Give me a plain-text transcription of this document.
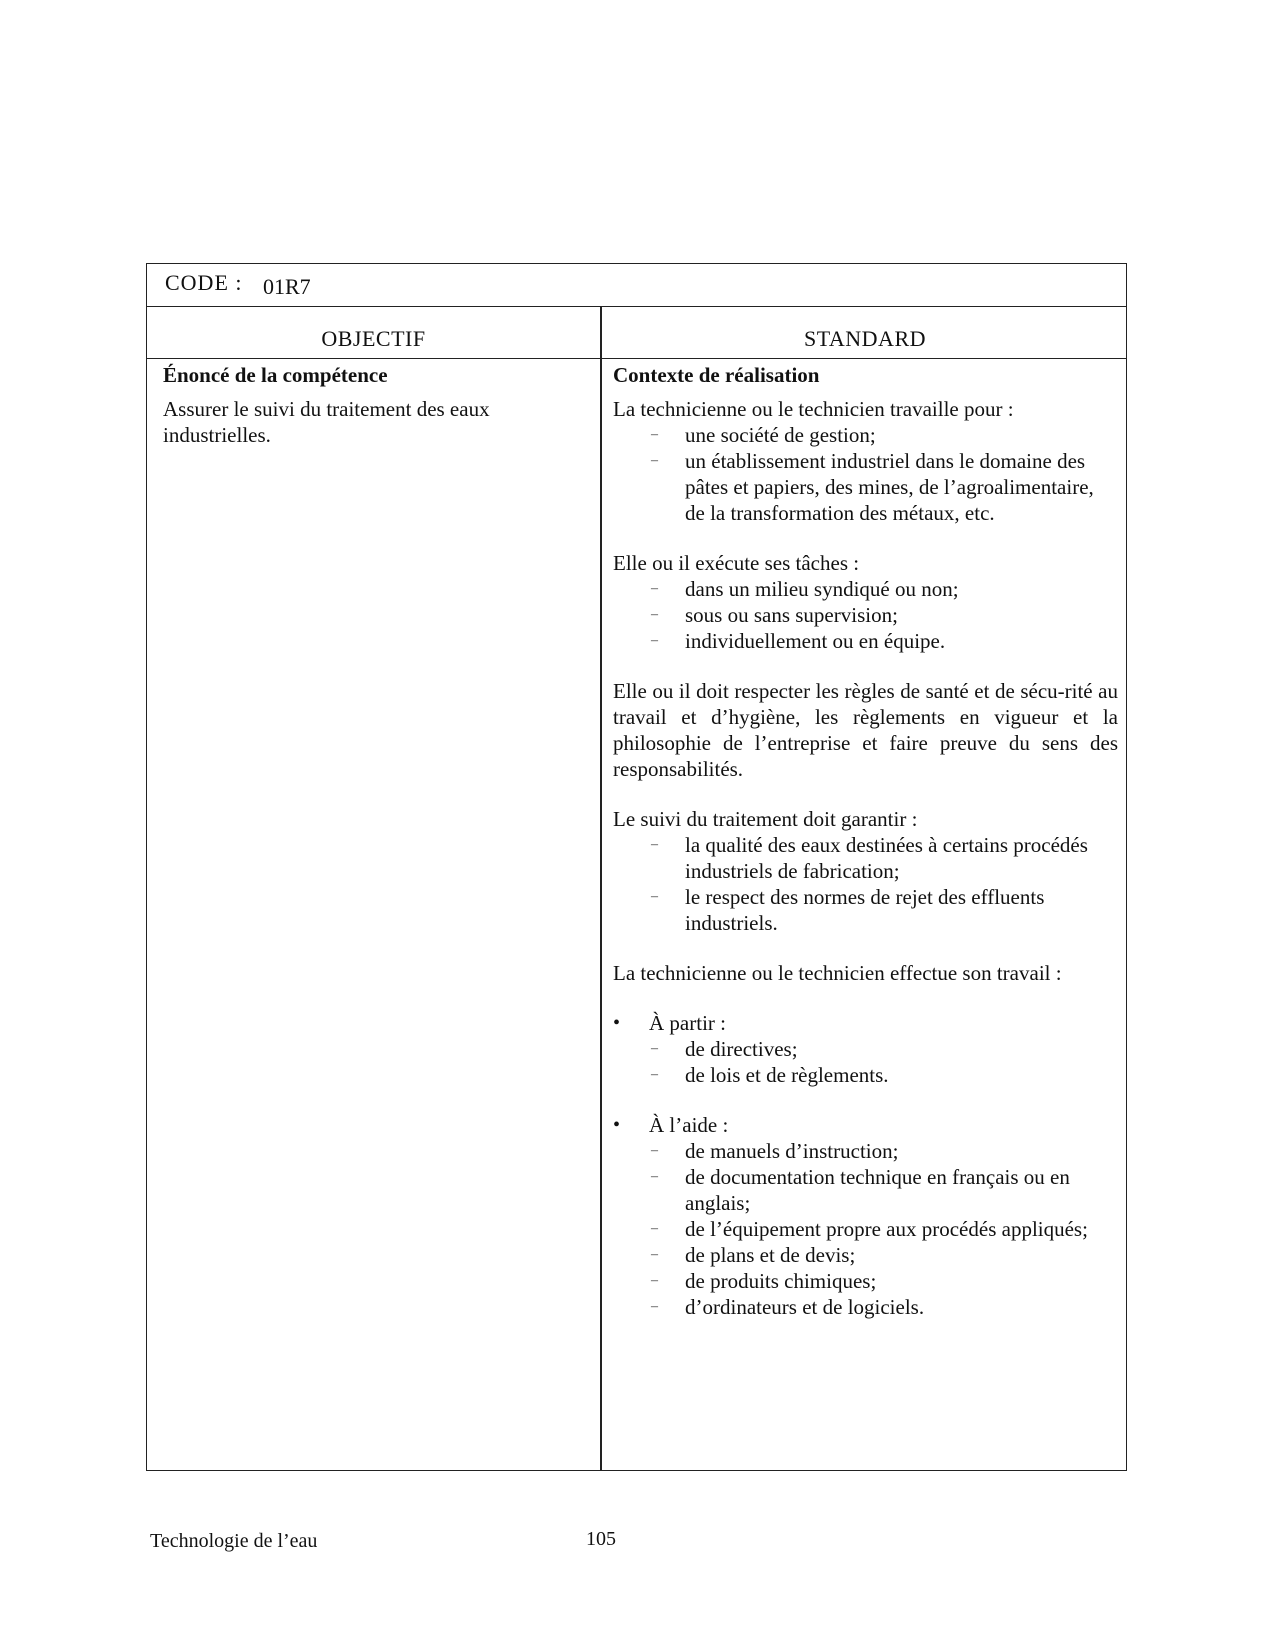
CODE : 01R7
OBJECTIF	STANDARD

Énoncé de la compétence

Assurer le suivi du traitement des eaux industrielles.

Contexte de réalisation

La technicienne ou le technicien travaille pour :

– une société de gestion;
– un établissement industriel dans le domaine des pâtes et papiers, des mines, de l’agroalimentaire, de la transformation des métaux, etc.

Elle ou il exécute ses tâches :

– dans un milieu syndiqué ou non;
– sous ou sans supervision;
– individuellement ou en équipe.

Elle ou il doit respecter les règles de santé et de sécu-rité au travail et d’hygiène, les règlements en vigueur et la philosophie de l’entreprise et faire preuve du sens des responsabilités.

Le suivi du traitement doit garantir :

– la qualité des eaux destinées à certains procédés industriels de fabrication;
– le respect des normes de rejet des effluents industriels.

La technicienne ou le technicien effectue son travail :

• À partir :

– de directives;
– de lois et de règlements.

• À l’aide :

– de manuels d’instruction;
– de documentation technique en français ou en anglais;
– de l’équipement propre aux procédés appliqués;
– de plans et de devis;
– de produits chimiques;
– d’ordinateurs et de logiciels.
Technologie de l’eau	105
